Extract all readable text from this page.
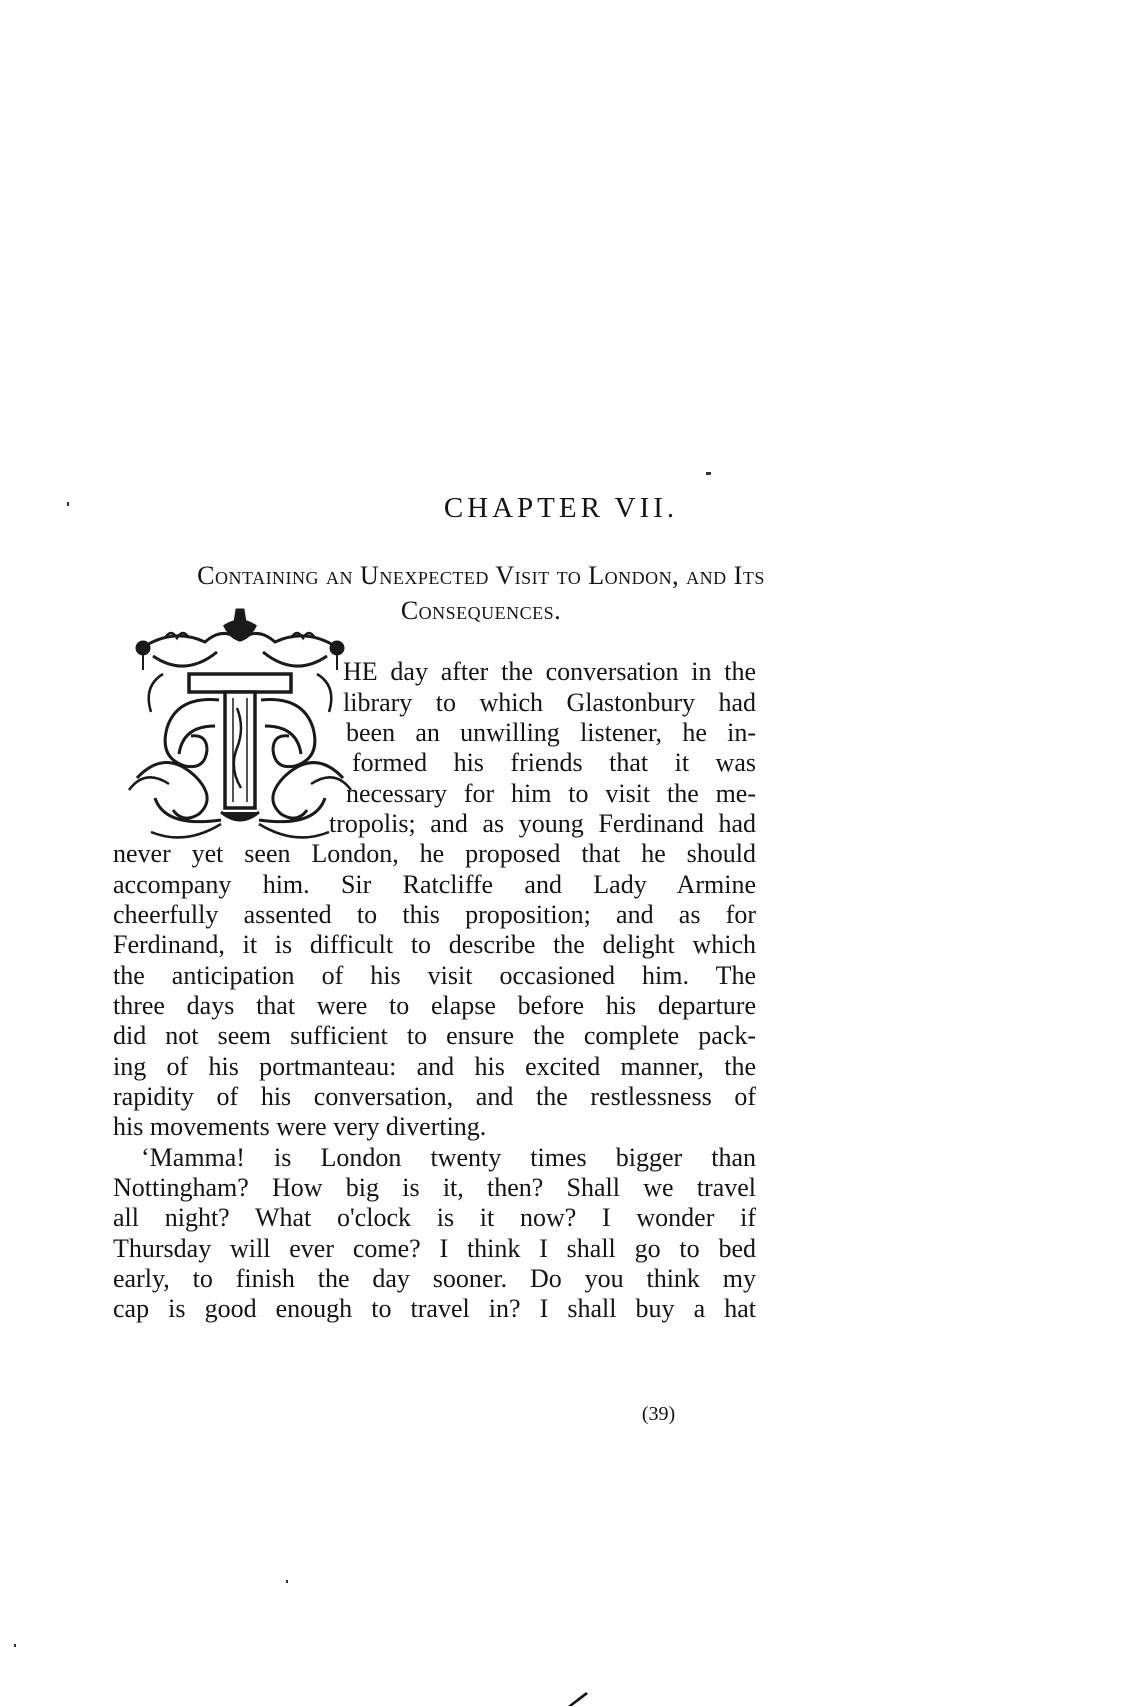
CHAPTER VII.
Containing an Unexpected Visit to London, and Its
Consequences.
HE day after the conversation in the
library to which Glastonbury had
been an unwilling listener, he in-
formed his friends that it was
necessary for him to visit the me-
tropolis; and as young Ferdinand had
never yet seen London, he proposed that he should
accompany him. Sir Ratcliffe and Lady Armine
cheerfully assented to this proposition; and as for
Ferdinand, it is difficult to describe the delight which
the anticipation of his visit occasioned him. The
three days that were to elapse before his departure
did not seem sufficient to ensure the complete pack-
ing of his portmanteau: and his excited manner, the
rapidity of his conversation, and the restlessness of
his movements were very diverting.
‘Mamma! is London twenty times bigger than
Nottingham? How big is it, then? Shall we travel
all night? What o'clock is it now? I wonder if
Thursday will ever come? I think I shall go to bed
early, to finish the day sooner. Do you think my
cap is good enough to travel in? I shall buy a hat
(39)
